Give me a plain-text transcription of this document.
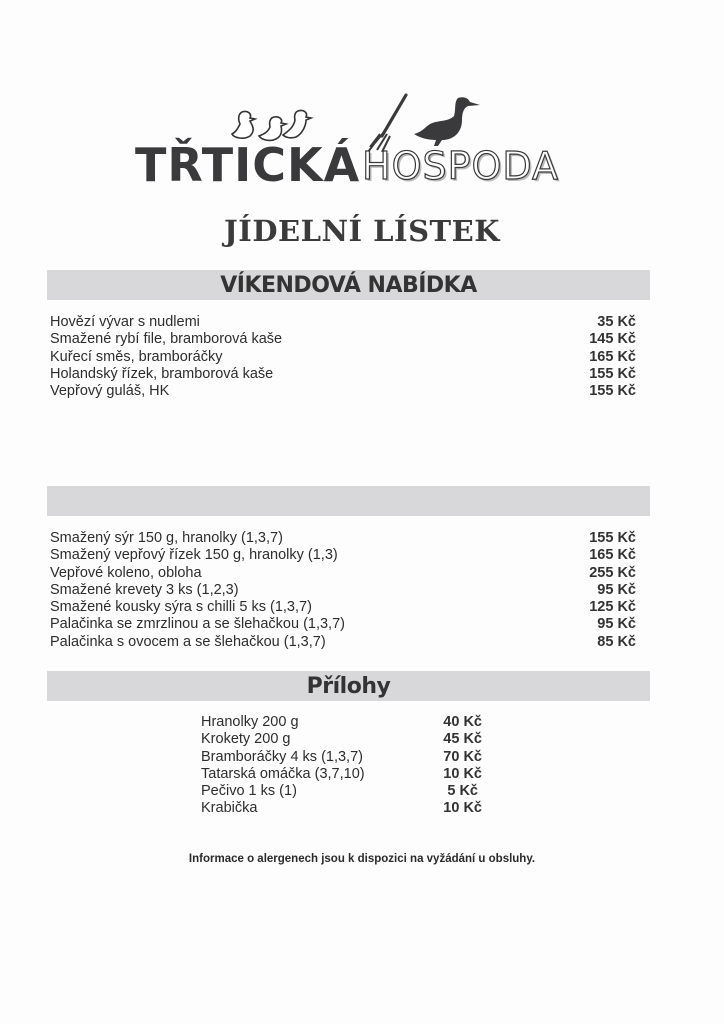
TŘTICKÁ HOSPODA
JÍDELNÍ LÍSTEK
VÍKENDOVÁ NABÍDKA
Hovězí vývar s nudlemi	35 Kč
Smažené rybí file, bramborová kaše	145 Kč
Kuřecí směs, bramboráčky	165 Kč
Holandský řízek, bramborová kaše	155 Kč
Vepřový guláš, HK	155 Kč
Smažený sýr 150 g, hranolky (1,3,7)	155 Kč
Smažený vepřový řízek 150 g, hranolky (1,3)	165 Kč
Vepřové koleno, obloha	255 Kč
Smažené krevety 3 ks (1,2,3)	95 Kč
Smažené kousky sýra s chilli 5 ks (1,3,7)	125 Kč
Palačinka se zmrzlinou a se šlehačkou (1,3,7)	95 Kč
Palačinka s ovocem a se šlehačkou (1,3,7)	85 Kč
Přílohy
Hranolky 200 g	40 Kč
Krokety 200 g	45 Kč
Bramboráčky 4 ks (1,3,7)	70 Kč
Tatarská omáčka (3,7,10)	10 Kč
Pečivo 1 ks (1)	5 Kč
Krabička	10 Kč
Informace o alergenech jsou k dispozici na vyžádání u obsluhy.
